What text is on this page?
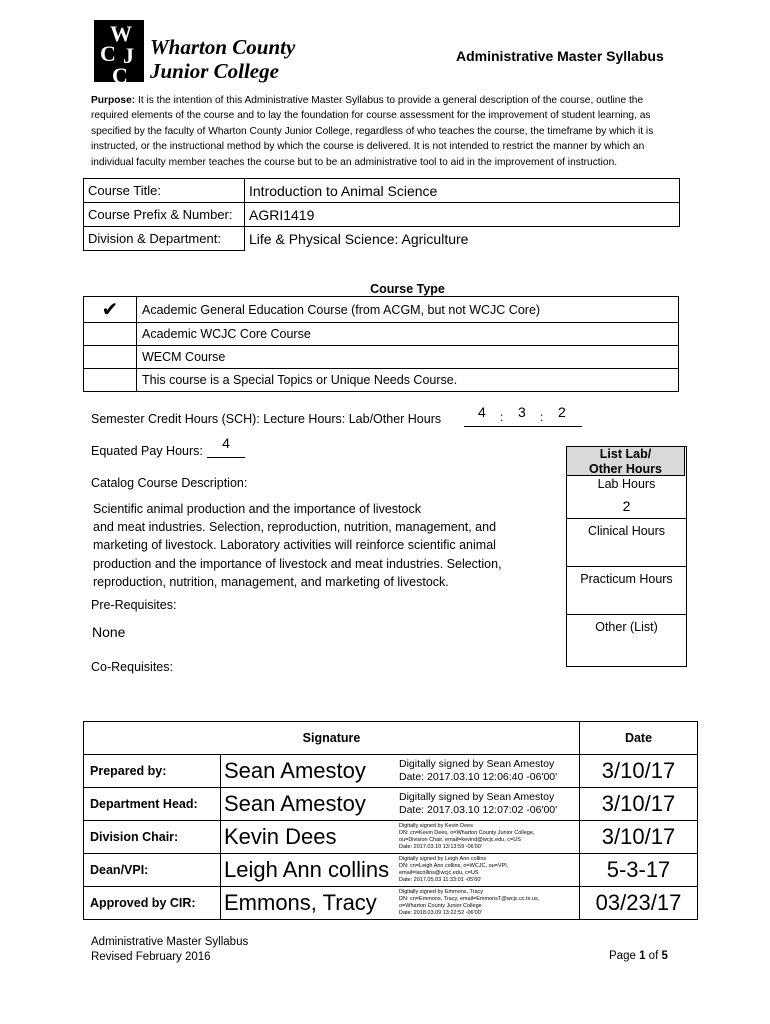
W
C J
C
Wharton County
Junior College
Administrative Master Syllabus
Purpose: It is the intention of this Administrative Master Syllabus to provide a general description of the course, outline the required elements of the course and to lay the foundation for course assessment for the improvement of student learning, as specified by the faculty of Wharton County Junior College, regardless of who teaches the course, the timeframe by which it is instructed, or the instructional method by which the course is delivered. It is not intended to restrict the manner by which an individual faculty member teaches the course but to be an administrative tool to aid in the improvement of instruction.
Course Title:	Introduction to Animal Science
Course Prefix & Number:	AGRI1419
Division & Department:	Life & Physical Science: Agriculture
	Course Type
✔	Academic General Education Course (from ACGM, but not WCJC Core)
	Academic WCJC Core Course
	WECM Course
	This course is a Special Topics or Unique Needs Course.
Semester Credit Hours (SCH): Lecture Hours: Lab/Other Hours	4 : 3 : 2
Equated Pay Hours:	4
Catalog Course Description:
Scientific animal production and the importance of livestock
and meat industries. Selection, reproduction, nutrition, management, and
marketing of livestock. Laboratory activities will reinforce scientific animal
production and the importance of livestock and meat industries. Selection,
reproduction, nutrition, management, and marketing of livestock.
Pre-Requisites:
None
Co-Requisites:
List Lab/
Other Hours
Lab Hours
2
Clinical Hours
Practicum Hours
Other (List)
Signature			Date
Prepared by:	Sean Amestoy	Digitally signed by Sean Amestoy
Date: 2017.03.10 12:06:40 -06'00'	3/10/17
Department Head:	Sean Amestoy	Digitally signed by Sean Amestoy
Date: 2017.03.10 12:07:02 -06'00'	3/10/17
Division Chair:	Kevin Dees	Digitally signed by Kevin Dees
DN: cn=Kevin Dees, o=Wharton County Junior College,
ou=Division Chair, email=kevind@wcjc.edu, c=US
Date: 2017.03.10 13:13:59 -06'00'	3/10/17
Dean/VPI:	Leigh Ann collins	Digitally signed by Leigh Ann collins
DN: cn=Leigh Ann collins, o=WCJC, ou=VPI,
email=lacollins@wcjc.edu, c=US
Date: 2017.05.03 11:33:01 -05'00'	5-3-17
Approved by CIR:	Emmons, Tracy	Digitally signed by Emmons, Tracy
DN: cn=Emmons, Tracy, email=EmmonsT@wcjc.cc.tx.us,
o=Wharton County Junior College
Date: 2018.03.09 13:22:52 -06'00'	03/23/17
Administrative Master Syllabus
Revised February 2016	Page 1 of 5
